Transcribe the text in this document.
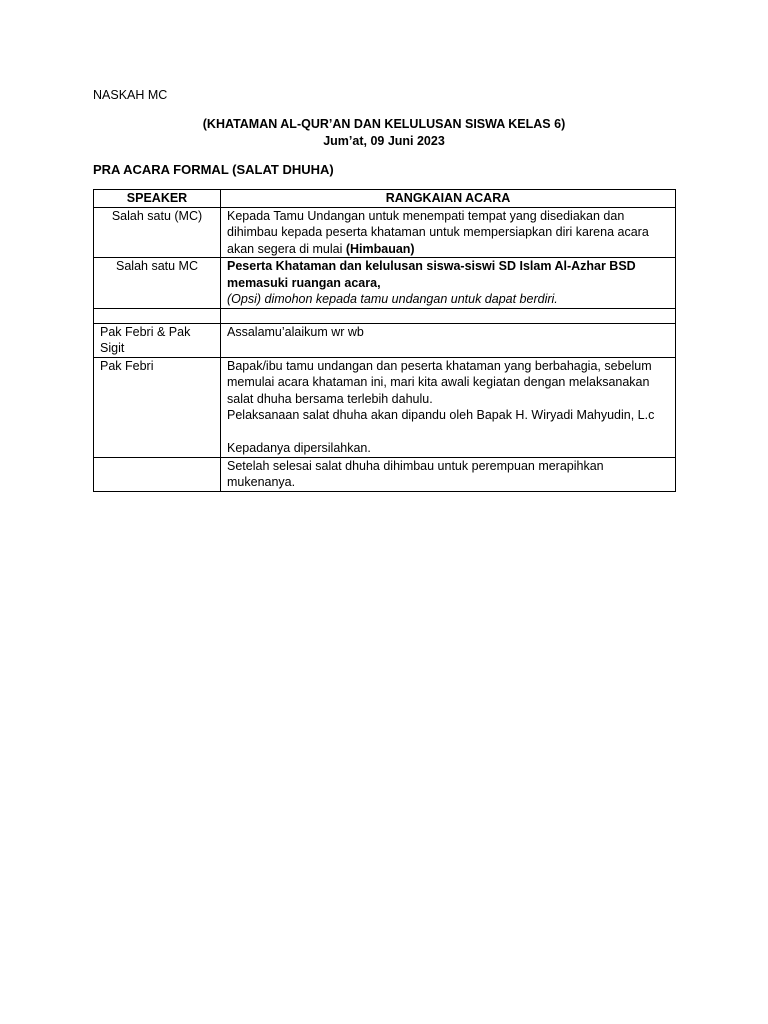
NASKAH MC
(KHATAMAN AL-QUR’AN DAN KELULUSAN SISWA KELAS 6)
Jum’at, 09 Juni 2023
PRA ACARA FORMAL (SALAT DHUHA)
SPEAKER	RANGKAIAN ACARA
Salah satu (MC)	Kepada Tamu Undangan untuk menempati tempat yang disediakan dan dihimbau kepada peserta khataman untuk mempersiapkan diri karena acara akan segera di mulai (Himbauan)
Salah satu MC	Peserta Khataman dan kelulusan siswa-siswi SD Islam Al-Azhar BSD memasuki ruangan acara,
(Opsi) dimohon kepada tamu undangan untuk dapat berdiri.

Pak Febri & Pak Sigit	Assalamu’alaikum wr wb
Pak Febri	Bapak/ibu tamu undangan dan peserta khataman yang berbahagia, sebelum memulai acara khataman ini, mari kita awali kegiatan dengan melaksanakan salat dhuha bersama terlebih dahulu.
Pelaksanaan salat dhuha akan dipandu oleh Bapak H. Wiryadi Mahyudin, L.c
Kepadanya dipersilahkan.

	Setelah selesai salat dhuha dihimbau untuk perempuan merapihkan mukenanya.
